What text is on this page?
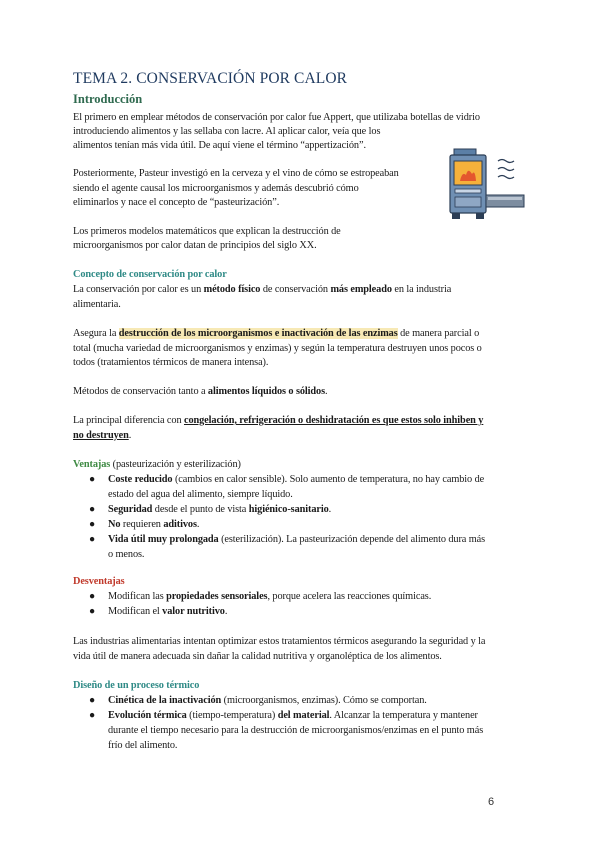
TEMA 2. CONSERVACIÓN POR CALOR
Introducción
El primero en emplear métodos de conservación por calor fue Appert, que utilizaba botellas de vidrio
introduciendo alimentos y las sellaba con lacre. Al aplicar calor, veía que los
alimentos tenían más vida útil. De aquí viene el término “appertización”.
Posteriormente, Pasteur investigó en la cerveza y el vino de cómo se estropeaban
siendo el agente causal los microorganismos y además descubrió cómo
eliminarlos y nace el concepto de “pasteurización”.
Los primeros modelos matemáticos que explican la destrucción de
microorganismos por calor datan de principios del siglo XX.
Concepto de conservación por calor
La conservación por calor es un método físico de conservación más empleado en la industria
alimentaria.
Asegura la destrucción de los microorganismos e inactivación de las enzimas de manera parcial o
total (mucha variedad de microorganismos y enzimas) y según la temperatura destruyen unos pocos o
todos (tratamientos térmicos de manera intensa).
Métodos de conservación tanto a alimentos líquidos o sólidos.
La principal diferencia con congelación, refrigeración o deshidratación es que estos solo inhiben y
no destruyen.
Ventajas (pasteurización y esterilización)
● Coste reducido (cambios en calor sensible). Solo aumento de temperatura, no hay cambio de
estado del agua del alimento, siempre líquido.
● Seguridad desde el punto de vista higiénico-sanitario.
● No requieren aditivos.
● Vida útil muy prolongada (esterilización). La pasteurización depende del alimento dura más
o menos.
Desventajas
● Modifican las propiedades sensoriales, porque acelera las reacciones químicas.
● Modifican el valor nutritivo.
Las industrias alimentarias intentan optimizar estos tratamientos térmicos asegurando la seguridad y la
vida útil de manera adecuada sin dañar la calidad nutritiva y organoléptica de los alimentos.
Diseño de un proceso térmico
● Cinética de la inactivación (microorganismos, enzimas). Cómo se comportan.
● Evolución térmica (tiempo-temperatura) del material. Alcanzar la temperatura y mantener
durante el tiempo necesario para la destrucción de microorganismos/enzimas en el punto más
frío del alimento.
6
